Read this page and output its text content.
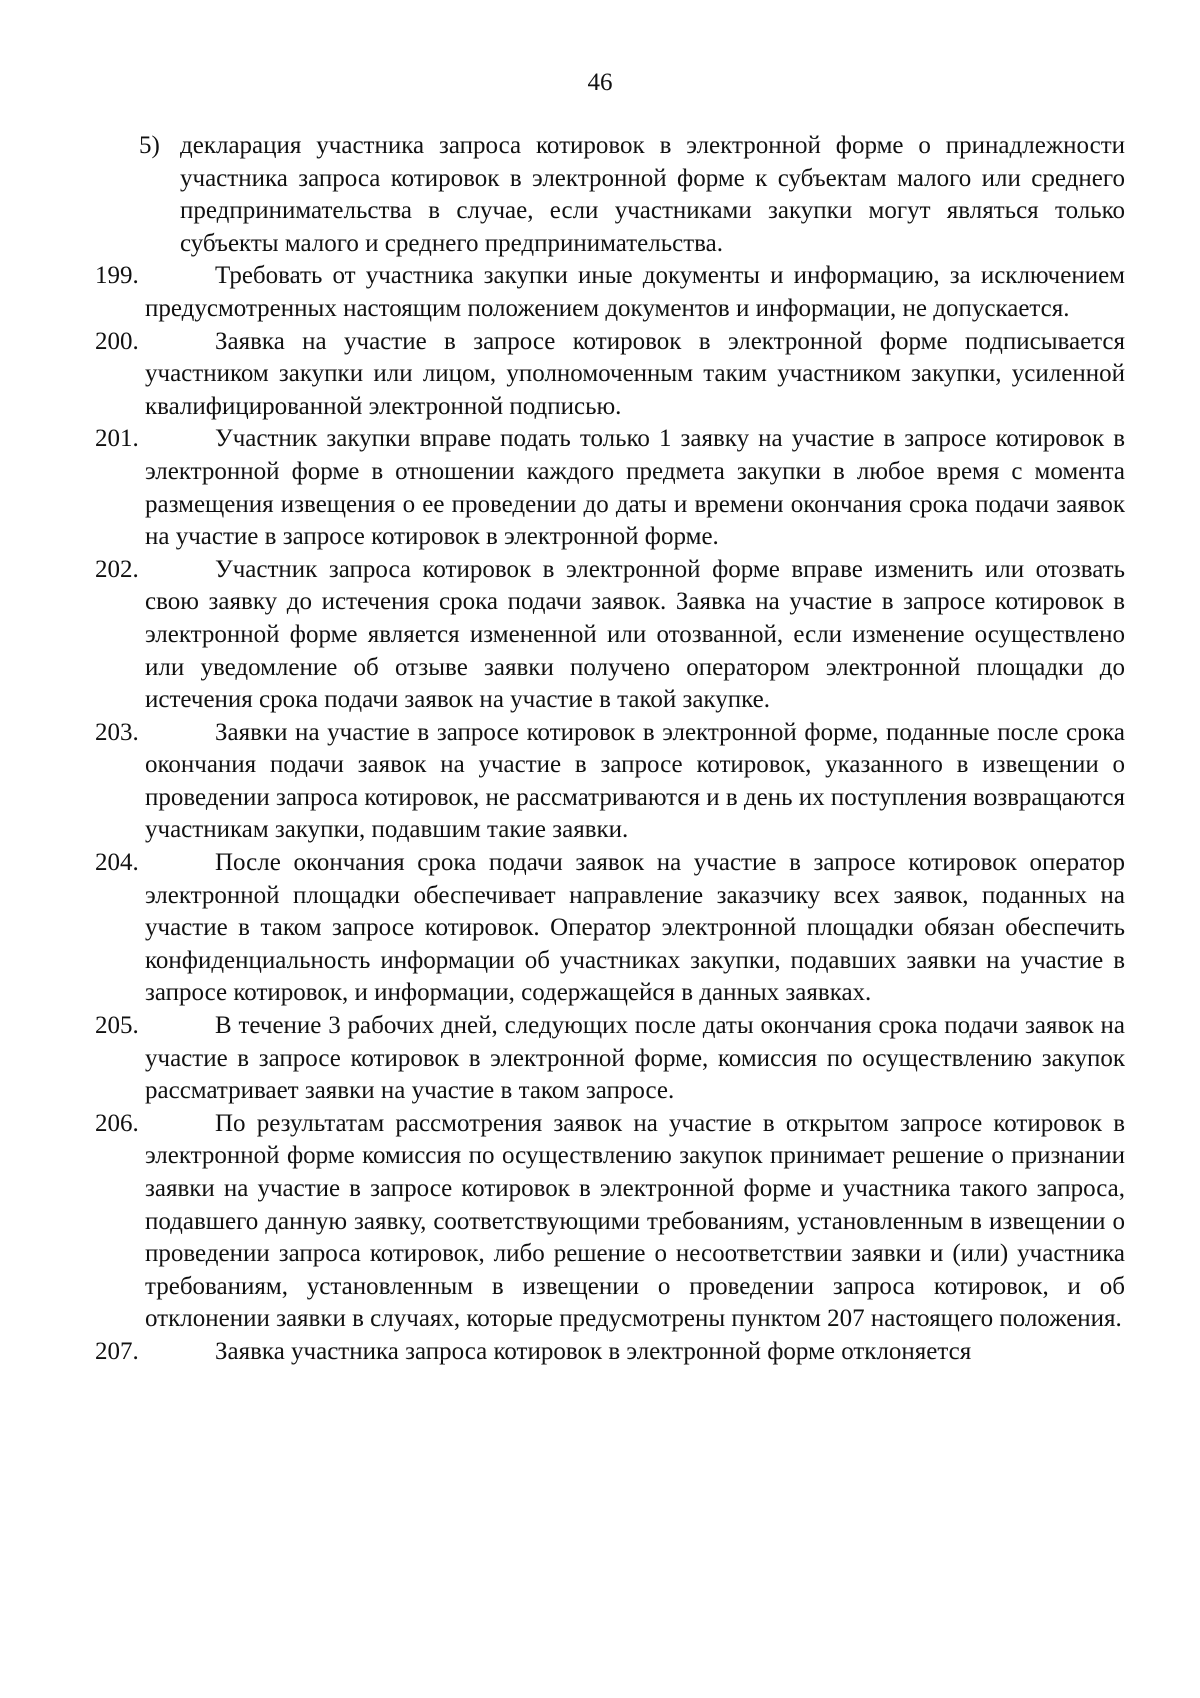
46
5) декларация участника запроса котировок в электронной форме о принадлежности участника запроса котировок в электронной форме к субъектам малого или среднего предпринимательства в случае, если участниками закупки могут являться только субъекты малого и среднего предпринимательства.
199.	Требовать от участника закупки иные документы и информацию, за исключением предусмотренных настоящим положением документов и информации, не допускается.
200.	Заявка на участие в запросе котировок в электронной форме подписывается участником закупки или лицом, уполномоченным таким участником закупки, усиленной квалифицированной электронной подписью.
201.	Участник закупки вправе подать только 1 заявку на участие в запросе котировок в электронной форме в отношении каждого предмета закупки в любое время с момента размещения извещения о ее проведении до даты и времени окончания срока подачи заявок на участие в запросе котировок в электронной форме.
202.	Участник запроса котировок в электронной форме вправе изменить или отозвать свою заявку до истечения срока подачи заявок. Заявка на участие в запросе котировок в электронной форме является измененной или отозванной, если изменение осуществлено или уведомление об отзыве заявки получено оператором электронной площадки до истечения срока подачи заявок на участие в такой закупке.
203.	Заявки на участие в запросе котировок в электронной форме, поданные после срока окончания подачи заявок на участие в запросе котировок, указанного в извещении о проведении запроса котировок, не рассматриваются и в день их поступления возвращаются участникам закупки, подавшим такие заявки.
204.	После окончания срока подачи заявок на участие в запросе котировок оператор электронной площадки обеспечивает направление заказчику всех заявок, поданных на участие в таком запросе котировок. Оператор электронной площадки обязан обеспечить конфиденциальность информации об участниках закупки, подавших заявки на участие в запросе котировок, и информации, содержащейся в данных заявках.
205.	В течение 3 рабочих дней, следующих после даты окончания срока подачи заявок на участие в запросе котировок в электронной форме, комиссия по осуществлению закупок рассматривает заявки на участие в таком запросе.
206.	По результатам рассмотрения заявок на участие в открытом запросе котировок в электронной форме комиссия по осуществлению закупок принимает решение о признании заявки на участие в запросе котировок в электронной форме и участника такого запроса, подавшего данную заявку, соответствующими требованиям, установленным в извещении о проведении запроса котировок, либо решение о несоответствии заявки и (или) участника требованиям, установленным в извещении о проведении запроса котировок, и об отклонении заявки в случаях, которые предусмотрены пунктом 207 настоящего положения.
207.	Заявка участника запроса котировок в электронной форме отклоняется
